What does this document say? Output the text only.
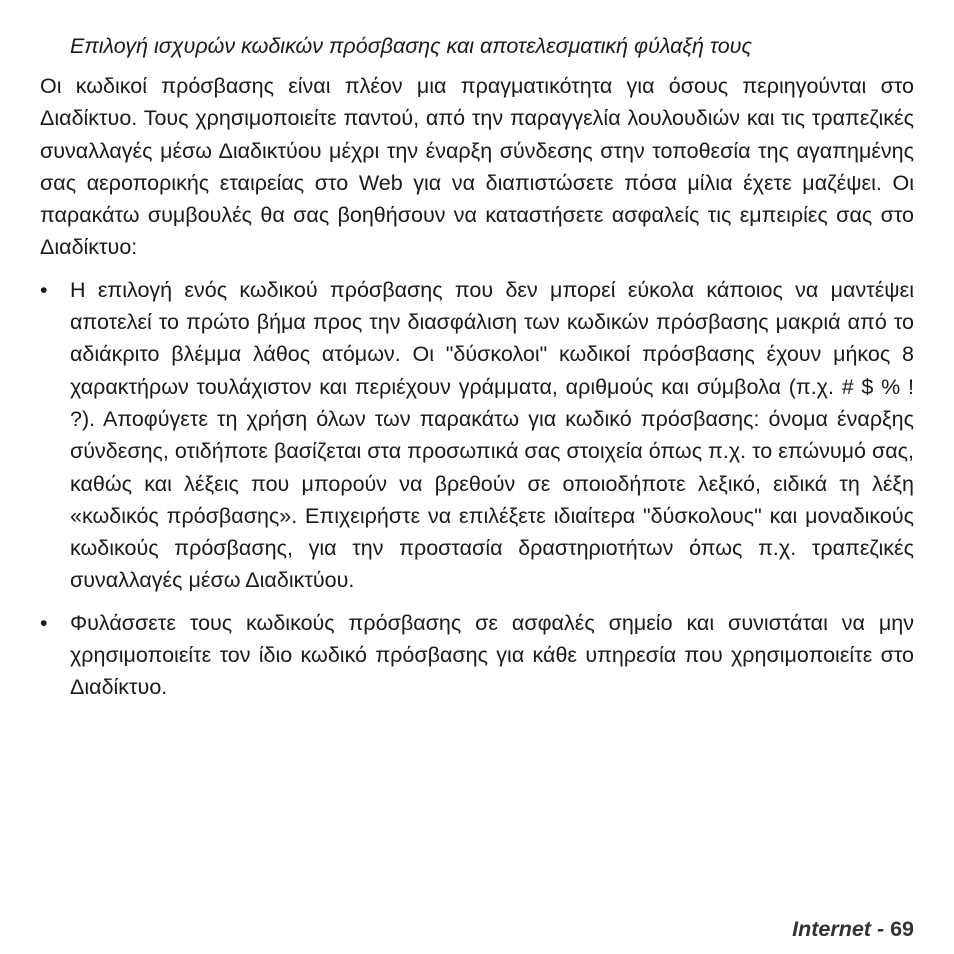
Επιλογή ισχυρών κωδικών πρόσβασης και αποτελεσματική φύλαξή τους

Οι κωδικοί πρόσβασης είναι πλέον μια πραγματικότητα για όσους περιηγούνται στο Διαδίκτυο. Τους χρησιμοποιείτε παντού, από την παραγγελία λουλουδιών και τις τραπεζικές συναλλαγές μέσω Διαδικτύου μέχρι την έναρξη σύνδεσης στην τοποθεσία της αγαπημένης σας αεροπορικής εταιρείας στο Web για να διαπιστώσετε πόσα μίλια έχετε μαζέψει. Οι παρακάτω συμβουλές θα σας βοηθήσουν να καταστήσετε ασφαλείς τις εμπειρίες σας στο Διαδίκτυο:

• Η επιλογή ενός κωδικού πρόσβασης που δεν μπορεί εύκολα κάποιος να μαντέψει αποτελεί το πρώτο βήμα προς την διασφάλιση των κωδικών πρόσβασης μακριά από το αδιάκριτο βλέμμα λάθος ατόμων. Οι "δύσκολοι" κωδικοί πρόσβασης έχουν μήκος 8 χαρακτήρων τουλάχιστον και περιέχουν γράμματα, αριθμούς και σύμβολα (π.χ. # $ % ! ?). Αποφύγετε τη χρήση όλων των παρακάτω για κωδικό πρόσβασης: όνομα έναρξης σύνδεσης, οτιδήποτε βασίζεται στα προσωπικά σας στοιχεία όπως π.χ. το επώνυμό σας, καθώς και λέξεις που μπορούν να βρεθούν σε οποιοδήποτε λεξικό, ειδικά τη λέξη «κωδικός πρόσβασης». Επιχειρήστε να επιλέξετε ιδιαίτερα "δύσκολους" και μοναδικούς κωδικούς πρόσβασης, για την προστασία δραστηριοτήτων όπως π.χ. τραπεζικές συναλλαγές μέσω Διαδικτύου.

• Φυλάσσετε τους κωδικούς πρόσβασης σε ασφαλές σημείο και συνιστάται να μην χρησιμοποιείτε τον ίδιο κωδικό πρόσβασης για κάθε υπηρεσία που χρησιμοποιείτε στο Διαδίκτυο.

Internet - 69
